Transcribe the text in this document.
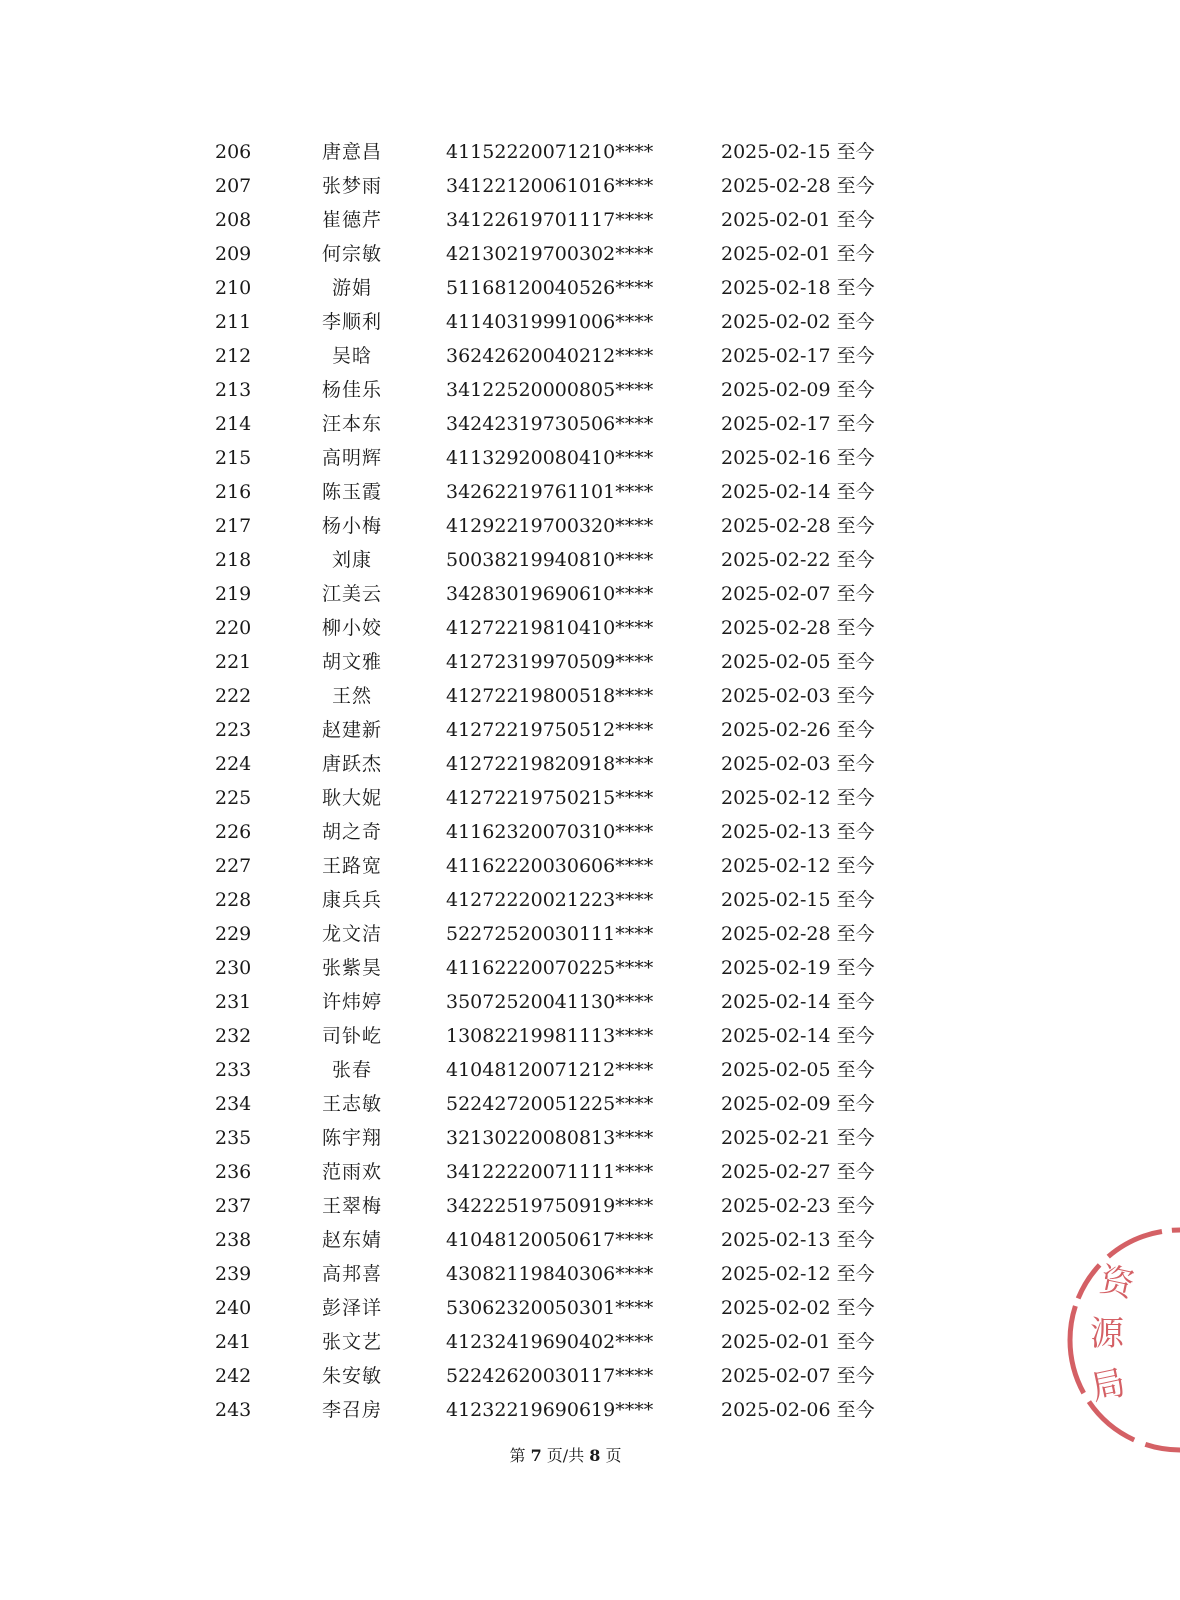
206	唐意昌	41152220071210****	2025-02-15 至今
207	张梦雨	34122120061016****	2025-02-28 至今
208	崔德芹	34122619701117****	2025-02-01 至今
209	何宗敏	42130219700302****	2025-02-01 至今
210	游娟	51168120040526****	2025-02-18 至今
211	李顺利	41140319991006****	2025-02-02 至今
212	吴晗	36242620040212****	2025-02-17 至今
213	杨佳乐	34122520000805****	2025-02-09 至今
214	汪本东	34242319730506****	2025-02-17 至今
215	高明辉	41132920080410****	2025-02-16 至今
216	陈玉霞	34262219761101****	2025-02-14 至今
217	杨小梅	41292219700320****	2025-02-28 至今
218	刘康	50038219940810****	2025-02-22 至今
219	江美云	34283019690610****	2025-02-07 至今
220	柳小姣	41272219810410****	2025-02-28 至今
221	胡文雅	41272319970509****	2025-02-05 至今
222	王然	41272219800518****	2025-02-03 至今
223	赵建新	41272219750512****	2025-02-26 至今
224	唐跃杰	41272219820918****	2025-02-03 至今
225	耿大妮	41272219750215****	2025-02-12 至今
226	胡之奇	41162320070310****	2025-02-13 至今
227	王路宽	41162220030606****	2025-02-12 至今
228	康兵兵	41272220021223****	2025-02-15 至今
229	龙文洁	52272520030111****	2025-02-28 至今
230	张紫昊	41162220070225****	2025-02-19 至今
231	许炜婷	35072520041130****	2025-02-14 至今
232	司钋屹	13082219981113****	2025-02-14 至今
233	张春	41048120071212****	2025-02-05 至今
234	王志敏	52242720051225****	2025-02-09 至今
235	陈宇翔	32130220080813****	2025-02-21 至今
236	范雨欢	34122220071111****	2025-02-27 至今
237	王翠梅	34222519750919****	2025-02-23 至今
238	赵东婧	41048120050617****	2025-02-13 至今
239	高邦喜	43082119840306****	2025-02-12 至今
240	彭泽详	53062320050301****	2025-02-02 至今
241	张文艺	41232419690402****	2025-02-01 至今
242	朱安敏	52242620030117****	2025-02-07 至今
243	李召房	41232219690619****	2025-02-06 至今
第 7 页/共 8 页
资
源
局
